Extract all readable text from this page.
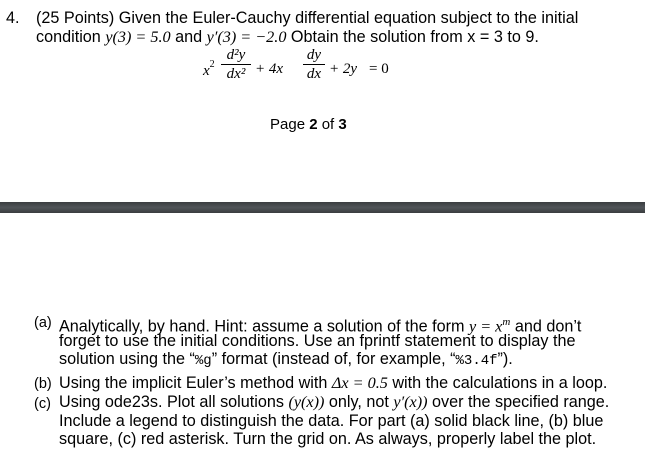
4. (25 Points) Given the Euler-Cauchy differential equation subject to the initial
condition y(3) = 5.0 and y′(3) = −2.0 Obtain the solution from x = 3 to 9.
$x^2$
d²y
dx² + 4x
dy
dx + 2y = 0
Page 2 of 3
(a) Analytically, by hand. Hint: assume a solution of the form $y = x^m$ and don’t
forget to use the initial conditions. Use an fprintf statement to display the
solution using the “%g” format (instead of, for example, “%3.4f”).
(b) Using the implicit Euler’s method with Δx = 0.5 with the calculations in a loop.
(c) Using ode23s. Plot all solutions (y(x)) only, not y′(x)) over the specified range.
Include a legend to distinguish the data. For part (a) solid black line, (b) blue
square, (c) red asterisk. Turn the grid on. As always, properly label the plot.
